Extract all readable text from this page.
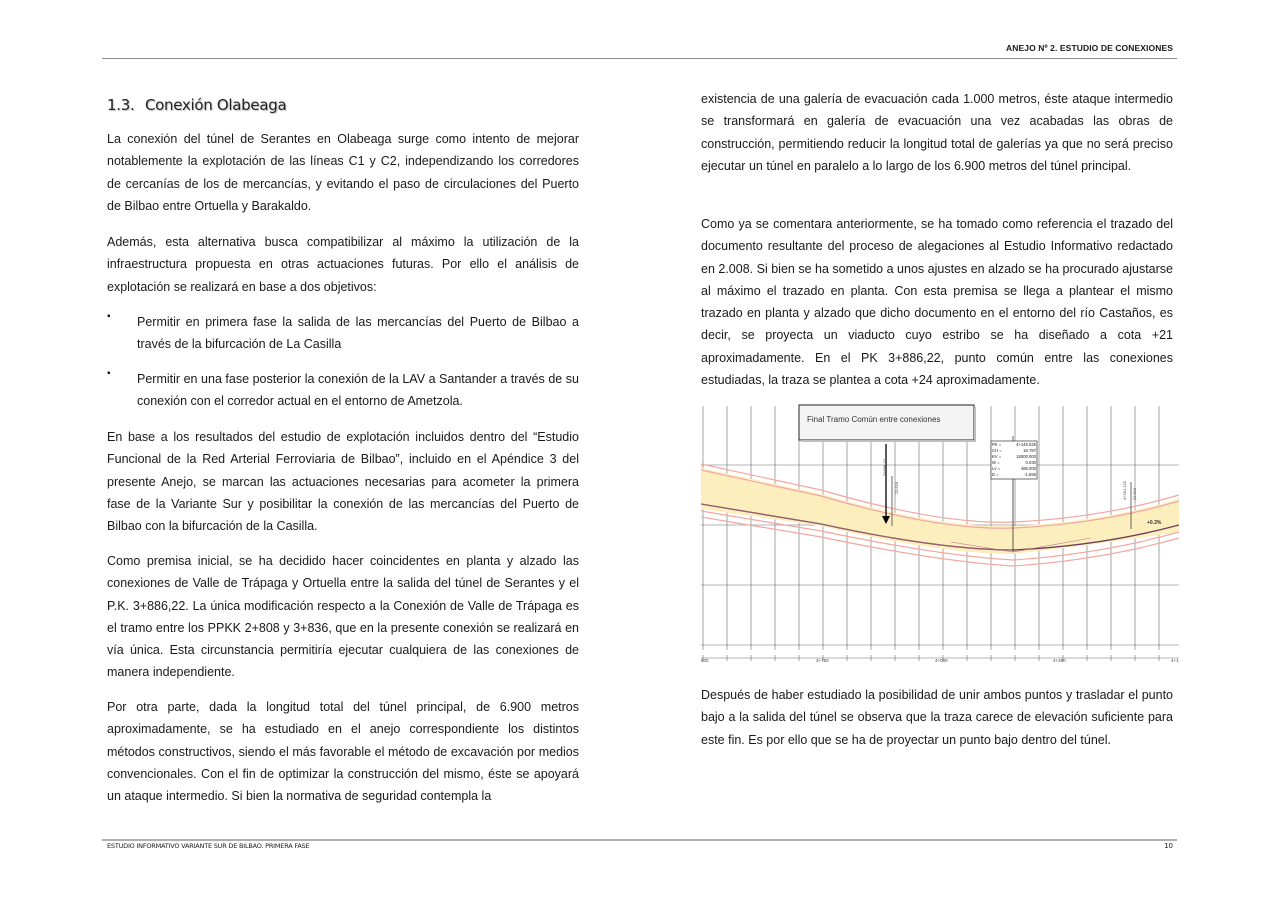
ANEJO Nº 2. ESTUDIO DE CONEXIONES
1.3. Conexión Olabeaga

La conexión del túnel de Serantes en Olabeaga surge como intento de mejorar notablemente la explotación de las líneas C1 y C2, independizando los corredores de cercanías de los de mercancías, y evitando el paso de circulaciones del Puerto de Bilbao entre Ortuella y Barakaldo.

Además, esta alternativa busca compatibilizar al máximo la utilización de la infraestructura propuesta en otras actuaciones futuras. Por ello el análisis de explotación se realizará en base a dos objetivos:

▪ Permitir en primera fase la salida de las mercancías del Puerto de Bilbao a través de la bifurcación de La Casilla

▪ Permitir en una fase posterior la conexión de la LAV a Santander a través de su conexión con el corredor actual en el entorno de Ametzola.

En base a los resultados del estudio de explotación incluidos dentro del “Estudio Funcional de la Red Arterial Ferroviaria de Bilbao”, incluido en el Apéndice 3 del presente Anejo, se marcan las actuaciones necesarias para acometer la primera fase de la Variante Sur y posibilitar la conexión de las mercancías del Puerto de Bilbao con la bifurcación de la Casilla.

Como premisa inicial, se ha decidido hacer coincidentes en planta y alzado las conexiones de Valle de Trápaga y Ortuella entre la salida del túnel de Serantes y el P.K. 3+886,22. La única modificación respecto a la Conexión de Valle de Trápaga es el tramo entre los PPKK 2+808 y 3+836, que en la presente conexión se realizará en vía única. Esta circunstancia permitiría ejecutar cualquiera de las conexiones de manera independiente.

Por otra parte, dada la longitud total del túnel principal, de 6.900 metros aproximadamente, se ha estudiado en el anejo correspondiente los distintos métodos constructivos, siendo el más favorable el método de excavación por medios convencionales. Con el fin de optimizar la construcción del mismo, éste se apoyará un ataque intermedio. Si bien la normativa de seguridad contempla la

existencia de una galería de evacuación cada 1.000 metros, éste ataque intermedio se transformará en galería de evacuación una vez acabadas las obras de construcción, permitiendo reducir la longitud total de galerías ya que no será preciso ejecutar un túnel en paralelo a lo largo de los 6.900 metros del túnel principal.

Como ya se comentara anteriormente, se ha tomado como referencia el trazado del documento resultante del proceso de alegaciones al Estudio Informativo redactado en 2.008. Si bien se ha sometido a unos ajustes en alzado se ha procurado ajustarse al máximo el trazado en planta. Con esta premisa se llega a plantear el mismo trazado en planta y alzado que dicho documento en el entorno del río Castaños, es decir, se proyecta un viaducto cuyo estribo se ha diseñado a cota +21 aproximadamente. En el PK 3+886,22, punto común entre las conexiones estudiadas, la traza se plantea a cota +24 aproximadamente.

Después de haber estudiado la posibilidad de unir ambos puntos y trasladar el punto bajo a la salida del túnel se observa que la traza carece de elevación suficiente para este fin. Es por ello que se ha de proyectar un punto bajo dentro del túnel.

Final Tramo Común entre conexiones
PK =	4+149.625
CH =	16.787
KV =	18000.000
W =	0.030
Lv =	485.000
D =	-1.656
3+886.22
23.516	4+391.125 23.516
+0.3%
500	3+750	4+000	4+250	4+1
ESTUDIO INFORMATIVO VARIANTE SUR DE BILBAO. PRIMERA FASE	10
